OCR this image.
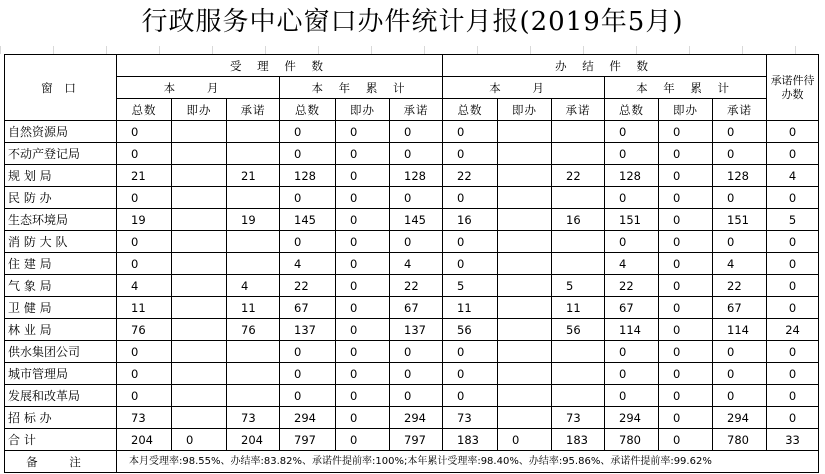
行政服务中心窗口办件统计月报(2019年5月)
窗 口	受 理 件 数						办 结 件 数						承诺件待办数
	本 月			本 年 累 计			本 月			本 年 累 计			
	总数	即办	承诺	总数	即办	承诺	总数	即办	承诺	总数	即办	承诺	
自然资源局	0			0	0	0	0			0	0	0	0
不动产登记局	0			0	0	0	0			0	0	0	0
规 划 局	21		21	128	0	128	22		22	128	0	128	4
民 防 办	0			0	0	0	0			0	0	0	0
生态环境局	19		19	145	0	145	16		16	151	0	151	5
消 防 大 队	0			0	0	0	0			0	0	0	0
住 建 局	0			4	0	4	0			4	0	4	0
气 象 局	4		4	22	0	22	5		5	22	0	22	0
卫 健 局	11		11	67	0	67	11		11	67	0	67	0
林 业 局	76		76	137	0	137	56		56	114	0	114	24
供水集团公司	0			0	0	0	0			0	0	0	0
城市管理局	0			0	0	0	0			0	0	0	0
发展和改革局	0			0	0	0	0			0	0	0	0
招 标 办	73		73	294	0	294	73		73	294	0	294	0
合 计	204	0	204	797	0	797	183	0	183	780	0	780	33
备 注	本月受理率:98.55%、办结率:83.82%、承诺件提前率:100%;本年累计受理率:98.40%、办结率:95.86%、承诺件提前率:99.62%												
